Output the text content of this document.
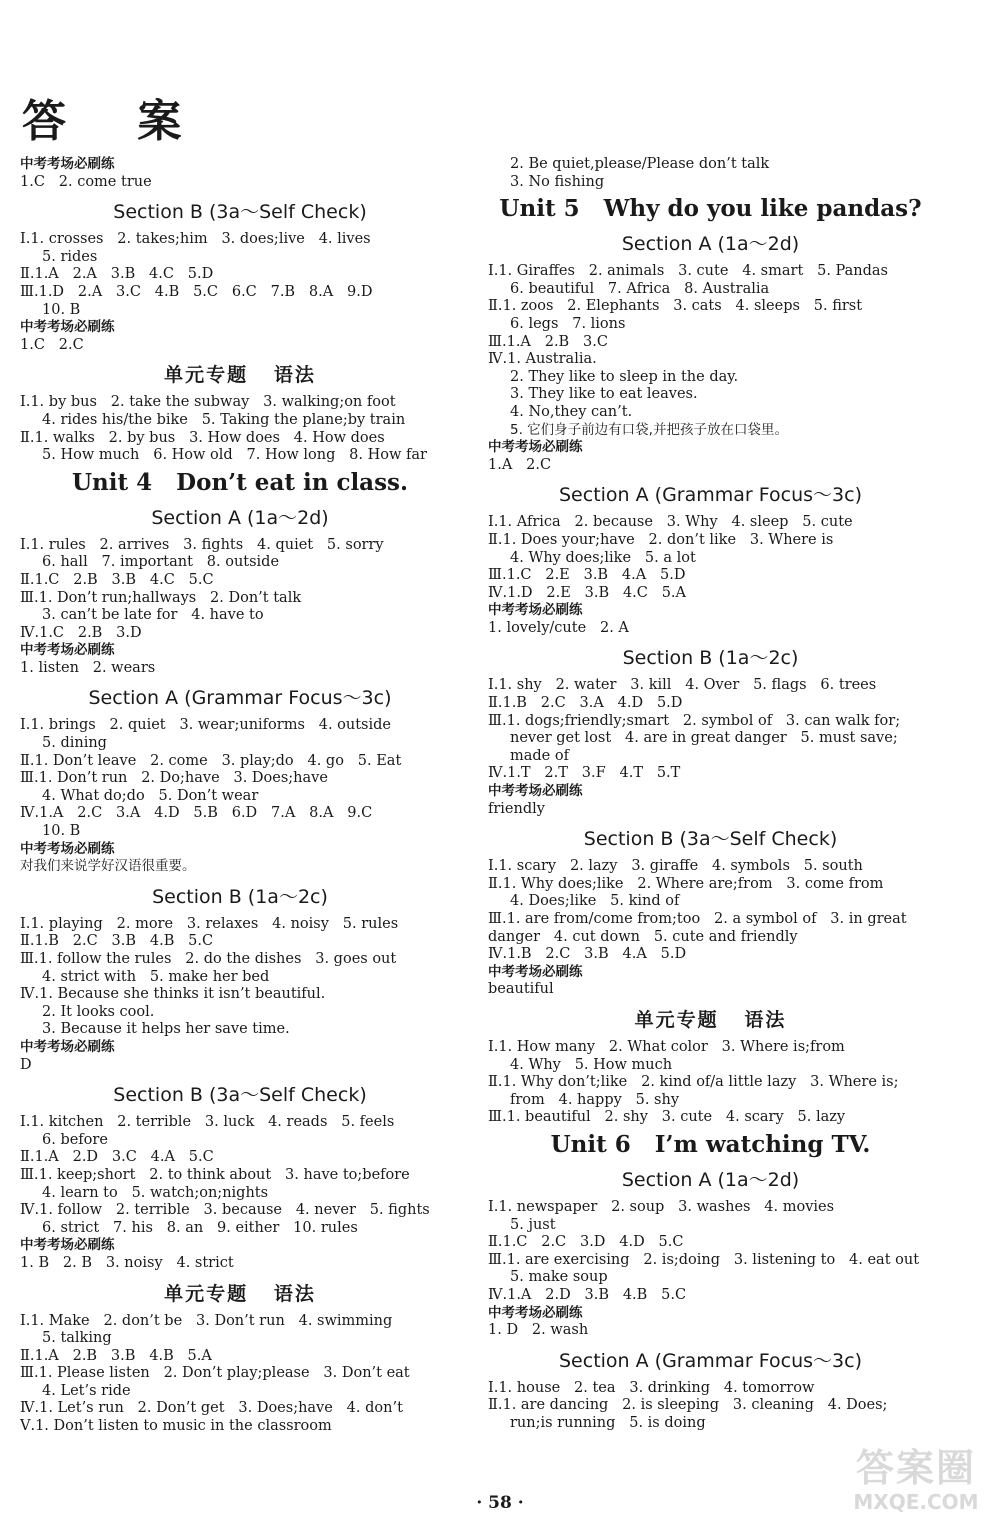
答 案
中考考场必刷练
1.C   2. come true
Section B (3a～Self Check)
Ⅰ.1. crosses   2. takes;him   3. does;live   4. lives
5. rides
Ⅱ.1.A   2.A   3.B   4.C   5.D
Ⅲ.1.D   2.A   3.C   4.B   5.C   6.C   7.B   8.A   9.D
10. B
中考考场必刷练
1.C   2.C
单元专题   语法
Ⅰ.1. by bus   2. take the subway   3. walking;on foot
4. rides his/the bike   5. Taking the plane;by train
Ⅱ.1. walks   2. by bus   3. How does   4. How does
5. How much   6. How old   7. How long   8. How far
Unit 4   Don’t eat in class.
Section A (1a～2d)
Ⅰ.1. rules   2. arrives   3. fights   4. quiet   5. sorry
6. hall   7. important   8. outside
Ⅱ.1.C   2.B   3.B   4.C   5.C
Ⅲ.1. Don’t run;hallways   2. Don’t talk
3. can’t be late for   4. have to
Ⅳ.1.C   2.B   3.D
中考考场必刷练
1. listen   2. wears
Section A (Grammar Focus～3c)
Ⅰ.1. brings   2. quiet   3. wear;uniforms   4. outside
5. dining
Ⅱ.1. Don’t leave   2. come   3. play;do   4. go   5. Eat
Ⅲ.1. Don’t run   2. Do;have   3. Does;have
4. What do;do   5. Don’t wear
Ⅳ.1.A   2.C   3.A   4.D   5.B   6.D   7.A   8.A   9.C
10. B
中考考场必刷练
对我们来说学好汉语很重要。
Section B (1a～2c)
Ⅰ.1. playing   2. more   3. relaxes   4. noisy   5. rules
Ⅱ.1.B   2.C   3.B   4.B   5.C
Ⅲ.1. follow the rules   2. do the dishes   3. goes out
4. strict with   5. make her bed
Ⅳ.1. Because she thinks it isn’t beautiful.
2. It looks cool.
3. Because it helps her save time.
中考考场必刷练
D
Section B (3a～Self Check)
Ⅰ.1. kitchen   2. terrible   3. luck   4. reads   5. feels
6. before
Ⅱ.1.A   2.D   3.C   4.A   5.C
Ⅲ.1. keep;short   2. to think about   3. have to;before
4. learn to   5. watch;on;nights
Ⅳ.1. follow   2. terrible   3. because   4. never   5. fights
6. strict   7. his   8. an   9. either   10. rules
中考考场必刷练
1. B   2. B   3. noisy   4. strict
单元专题   语法
Ⅰ.1. Make   2. don’t be   3. Don’t run   4. swimming
5. talking
Ⅱ.1.A   2.B   3.B   4.B   5.A
Ⅲ.1. Please listen   2. Don’t play;please   3. Don’t eat
4. Let’s ride
Ⅳ.1. Let’s run   2. Don’t get   3. Does;have   4. don’t
Ⅴ.1. Don’t listen to music in the classroom
2. Be quiet,please/Please don’t talk
3. No fishing
Unit 5   Why do you like pandas?
Section A (1a～2d)
Ⅰ.1. Giraffes   2. animals   3. cute   4. smart   5. Pandas
6. beautiful   7. Africa   8. Australia
Ⅱ.1. zoos   2. Elephants   3. cats   4. sleeps   5. first
6. legs   7. lions
Ⅲ.1.A   2.B   3.C
Ⅳ.1. Australia.
2. They like to sleep in the day.
3. They like to eat leaves.
4. No,they can’t.
5. 它们身子前边有口袋,并把孩子放在口袋里。
中考考场必刷练
1.A   2.C
Section A (Grammar Focus～3c)
Ⅰ.1. Africa   2. because   3. Why   4. sleep   5. cute
Ⅱ.1. Does your;have   2. don’t like   3. Where is
4. Why does;like   5. a lot
Ⅲ.1.C   2.E   3.B   4.A   5.D
Ⅳ.1.D   2.E   3.B   4.C   5.A
中考考场必刷练
1. lovely/cute   2. A
Section B (1a～2c)
Ⅰ.1. shy   2. water   3. kill   4. Over   5. flags   6. trees
Ⅱ.1.B   2.C   3.A   4.D   5.D
Ⅲ.1. dogs;friendly;smart   2. symbol of   3. can walk for;
never get lost   4. are in great danger   5. must save;
made of
Ⅳ.1.T   2.T   3.F   4.T   5.T
中考考场必刷练
friendly
Section B (3a～Self Check)
Ⅰ.1. scary   2. lazy   3. giraffe   4. symbols   5. south
Ⅱ.1. Why does;like   2. Where are;from   3. come from
4. Does;like   5. kind of
Ⅲ.1. are from/come from;too   2. a symbol of   3. in great
danger   4. cut down   5. cute and friendly
Ⅳ.1.B   2.C   3.B   4.A   5.D
中考考场必刷练
beautiful
单元专题   语法
Ⅰ.1. How many   2. What color   3. Where is;from
4. Why   5. How much
Ⅱ.1. Why don’t;like   2. kind of/a little lazy   3. Where is;
from   4. happy   5. shy
Ⅲ.1. beautiful   2. shy   3. cute   4. scary   5. lazy
Unit 6   I’m watching TV.
Section A (1a～2d)
Ⅰ.1. newspaper   2. soup   3. washes   4. movies
5. just
Ⅱ.1.C   2.C   3.D   4.D   5.C
Ⅲ.1. are exercising   2. is;doing   3. listening to   4. eat out
5. make soup
Ⅳ.1.A   2.D   3.B   4.B   5.C
中考考场必刷练
1. D   2. wash
Section A (Grammar Focus～3c)
Ⅰ.1. house   2. tea   3. drinking   4. tomorrow
Ⅱ.1. are dancing   2. is sleeping   3. cleaning   4. Does;
run;is running   5. is doing
· 58 ·
答案圈
MXQE.COM
